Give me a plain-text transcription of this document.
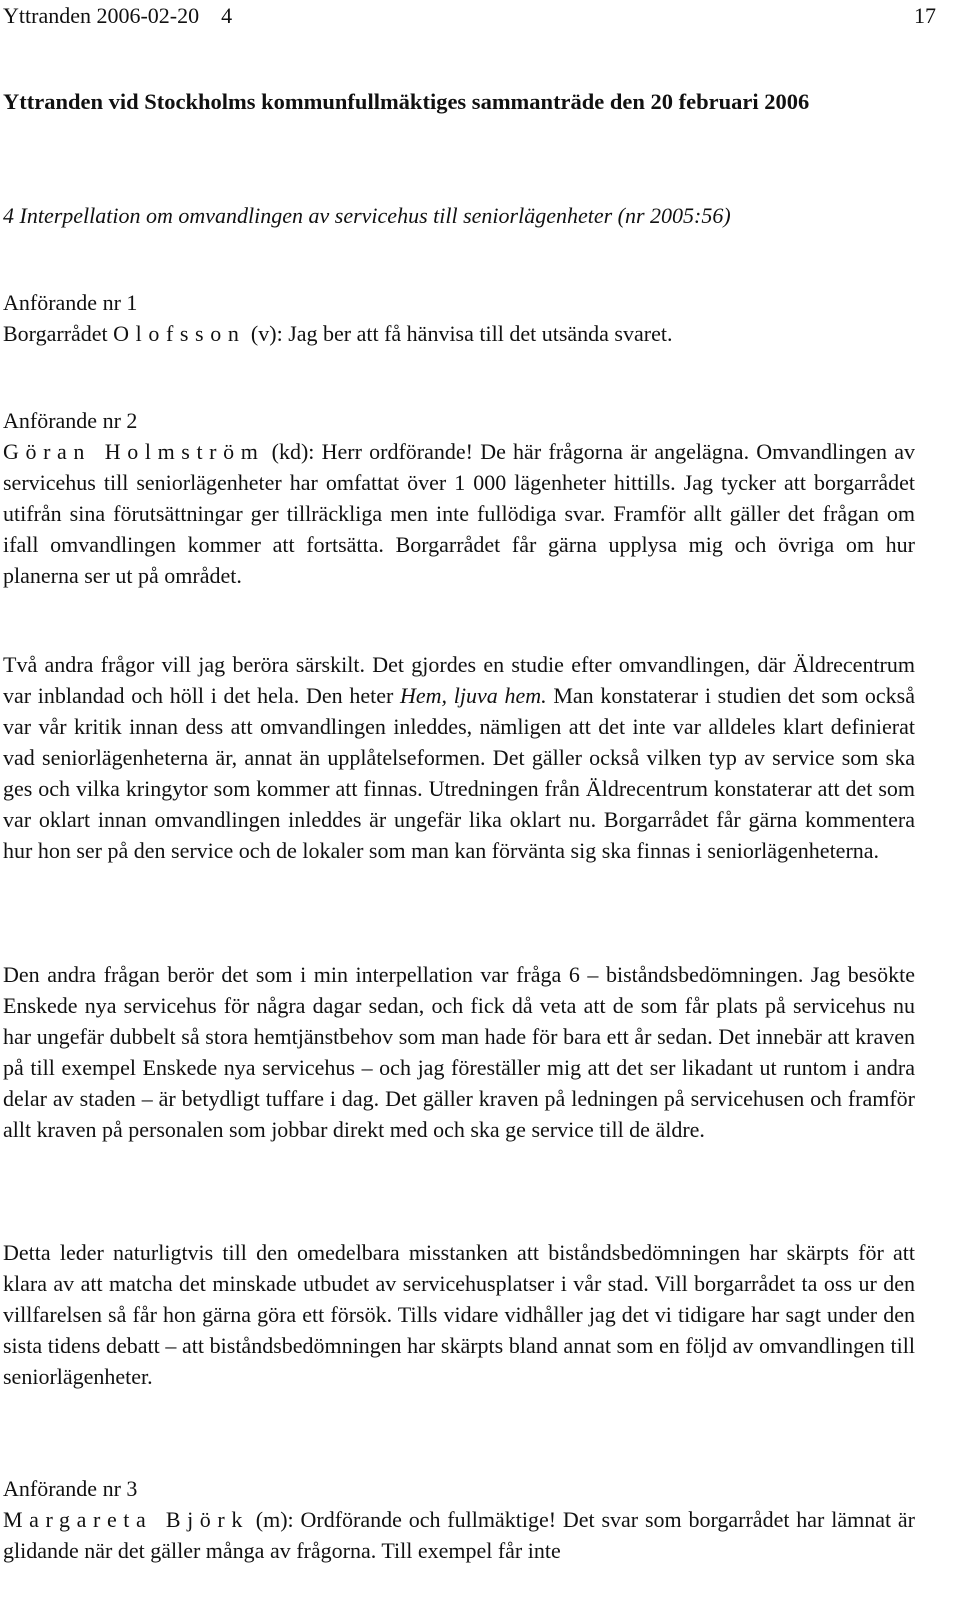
Yttranden 2006-02-20    4	17
Yttranden vid Stockholms kommunfullmäktiges sammanträde den 20 februari 2006
4 Interpellation om omvandlingen av servicehus till seniorlägenheter (nr 2005:56)
Anförande nr 1
Borgarrådet Olofsson (v): Jag ber att få hänvisa till det utsända svaret.
Anförande nr 2

Göran Holmström (kd): Herr ordförande! De här frågorna är angelägna. Omvandlingen av servicehus till seniorlägenheter har omfattat över 1 000 lägenheter hittills. Jag tycker att borgarrådet utifrån sina förutsättningar ger tillräckliga men inte fullödiga svar. Framför allt gäller det frågan om ifall omvandlingen kommer att fortsätta. Borgarrådet får gärna upplysa mig och övriga om hur planerna ser ut på området.

Två andra frågor vill jag beröra särskilt. Det gjordes en studie efter omvandlingen, där Äldrecentrum var inblandad och höll i det hela. Den heter Hem, ljuva hem. Man konstaterar i studien det som också var vår kritik innan dess att omvandlingen inleddes, nämligen att det inte var alldeles klart definierat vad seniorlägenheterna är, annat än upplåtelseformen. Det gäller också vilken typ av service som ska ges och vilka kringytor som kommer att finnas. Utredningen från Äldrecentrum konstaterar att det som var oklart innan omvandlingen inleddes är ungefär lika oklart nu. Borgarrådet får gärna kommentera hur hon ser på den service och de lokaler som man kan förvänta sig ska finnas i seniorlägenheterna.

Den andra frågan berör det som i min interpellation var fråga 6 – biståndsbedömningen. Jag besökte Enskede nya servicehus för några dagar sedan, och fick då veta att de som får plats på servicehus nu har ungefär dubbelt så stora hemtjänstbehov som man hade för bara ett år sedan. Det innebär att kraven på till exempel Enskede nya servicehus – och jag föreställer mig att det ser likadant ut runtom i andra delar av staden – är betydligt tuffare i dag. Det gäller kraven på ledningen på servicehusen och framför allt kraven på personalen som jobbar direkt med och ska ge service till de äldre.

Detta leder naturligtvis till den omedelbara misstanken att biståndsbedömningen har skärpts för att klara av att matcha det minskade utbudet av servicehusplatser i vår stad. Vill borgarrådet ta oss ur den villfarelsen så får hon gärna göra ett försök. Tills vidare vidhåller jag det vi tidigare har sagt under den sista tidens debatt – att biståndsbedömningen har skärpts bland annat som en följd av omvandlingen till seniorlägenheter.

Anförande nr 3

Margareta Björk (m): Ordförande och fullmäktige! Det svar som borgarrådet har lämnat är glidande när det gäller många av frågorna. Till exempel får inte
